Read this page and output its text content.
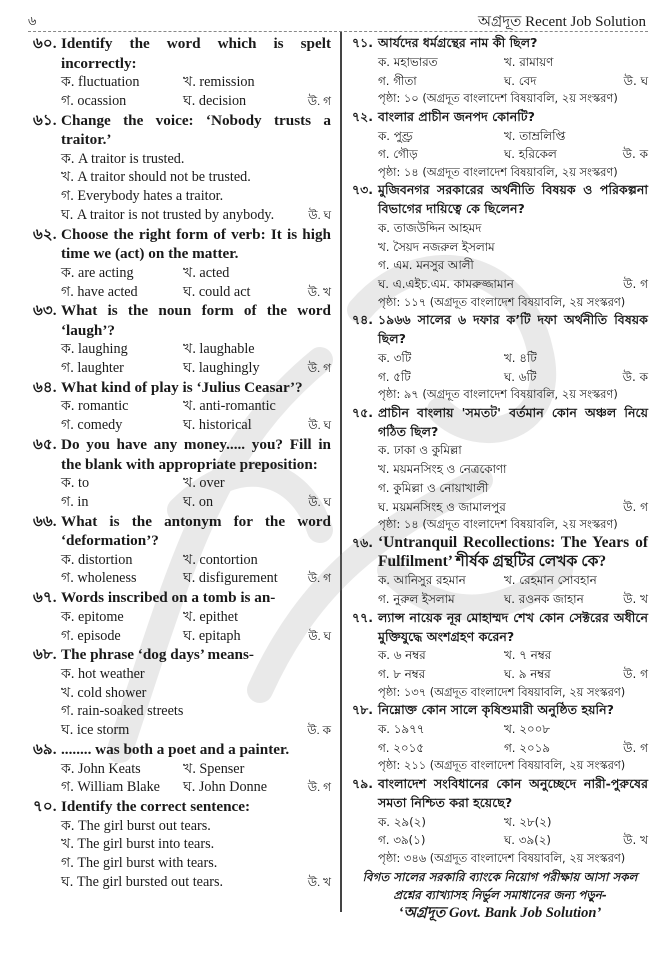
৬	অগ্রদূত Recent Job Solution
৬০. Identify the word which is spelt incorrectly:
ক. fluctuation	খ. remission
গ. ocassion	ঘ. decision	উ. গ
৬১. Change the voice: ‘Nobody trusts a traitor.’
ক. A traitor is trusted.
খ. A traitor should not be trusted.
গ. Everybody hates a traitor.
ঘ. A traitor is not trusted by anybody.	উ. ঘ
৬২. Choose the right form of verb: It is high time we (act) on the matter.
ক. are acting	খ. acted
গ. have acted	ঘ. could act	উ. খ
৬৩. What is the noun form of the word ‘laugh’?
ক. laughing	খ. laughable
গ. laughter	ঘ. laughingly	উ. গ
৬৪. What kind of play is ‘Julius Ceasar’?
ক. romantic	খ. anti-romantic
গ. comedy	ঘ. historical	উ. ঘ
৬৫. Do you have any money..... you? Fill in the blank with appropriate preposition:
ক. to	খ. over
গ. in	ঘ. on	উ. ঘ
৬৬. What is the antonym for the word ‘deformation’?
ক. distortion	খ. contortion
গ. wholeness	ঘ. disfigurement	উ. গ
৬৭. Words inscribed on a tomb is an-
ক. epitome	খ. epithet
গ. episode	ঘ. epitaph	উ. ঘ
৬৮. The phrase ‘dog days’ means-
ক. hot weather
খ. cold shower
গ. rain-soaked streets
ঘ. ice storm	উ. ক
৬৯. ........ was both a poet and a painter.
ক. John Keats	খ. Spenser
গ. William Blake	ঘ. John Donne	উ. গ
৭০. Identify the correct sentence:
ক. The girl burst out tears.
খ. The girl burst into tears.
গ. The girl burst with tears.
ঘ. The girl bursted out tears.	উ. খ
৭১. আর্যদের ধর্মগ্রন্থের নাম কী ছিল?
ক. মহাভারত	খ. রামায়ণ
গ. গীতা	ঘ. বেদ	উ. ঘ
পৃষ্ঠা: ১০ (অগ্রদূত বাংলাদেশ বিষয়াবলি, ২য় সংস্করণ)
৭২. বাংলার প্রাচীন জনপদ কোনটি?
ক. পুণ্ড্র	খ. তাম্রলিপ্তি
গ. গৌড়	ঘ. হরিকেল	উ. ক
পৃষ্ঠা: ১৪ (অগ্রদূত বাংলাদেশ বিষয়াবলি, ২য় সংস্করণ)
৭৩. মুজিবনগর সরকারের অর্থনীতি বিষয়ক ও পরিকল্পনা বিভাগের দায়িত্বে কে ছিলেন?
ক. তাজউদ্দিন আহমদ
খ. সৈয়দ নজরুল ইসলাম
গ. এম. মনসুর আলী
ঘ. এ.এইচ.এম. কামরুজ্জামান	উ. গ
পৃষ্ঠা: ১১৭ (অগ্রদূত বাংলাদেশ বিষয়াবলি, ২য় সংস্করণ)
৭৪. ১৯৬৬ সালের ৬ দফার ক’টি দফা অর্থনীতি বিষয়ক ছিল?
ক. ৩টি	খ. ৪টি
গ. ৫টি	ঘ. ৬টি	উ. ক
পৃষ্ঠা: ৯৭ (অগ্রদূত বাংলাদেশ বিষয়াবলি, ২য় সংস্করণ)
৭৫. প্রাচীন বাংলায় 'সমতট' বর্তমান কোন অঞ্চল নিয়ে গঠিত ছিল?
ক. ঢাকা ও কুমিল্লা
খ. ময়মনসিংহ ও নেত্রকোণা
গ. কুমিল্লা ও নোয়াখালী
ঘ. ময়মনসিংহ ও জামালপুর	উ. গ
পৃষ্ঠা: ১৪ (অগ্রদূত বাংলাদেশ বিষয়াবলি, ২য় সংস্করণ)
৭৬. ‘Untranquil Recollections: The Years of Fulfilment’ শীর্ষক গ্রন্থটির লেখক কে?
ক. আনিসুর রহমান	খ. রেহমান সোবহান
গ. নুরুল ইসলাম	ঘ. রওনক জাহান	উ. খ
৭৭. ল্যান্স নায়েক নূর মোহাম্মদ শেখ কোন সেক্টরের অধীনে মুক্তিযুদ্ধে অংশগ্রহণ করেন?
ক. ৬ নম্বর	খ. ৭ নম্বর
গ. ৮ নম্বর	ঘ. ৯ নম্বর	উ. গ
পৃষ্ঠা: ১৩৭ (অগ্রদূত বাংলাদেশ বিষয়াবলি, ২য় সংস্করণ)
৭৮. নিম্নোক্ত কোন সালে কৃষিশুমারী অনুষ্ঠিত হয়নি?
ক. ১৯৭৭	খ. ২০০৮
গ. ২০১৫	গ. ২০১৯	উ. গ
পৃষ্ঠা: ২১১ (অগ্রদূত বাংলাদেশ বিষয়াবলি, ২য় সংস্করণ)
৭৯. বাংলাদেশ সংবিধানের কোন অনুচ্ছেদে নারী-পুরুষের সমতা নিশ্চিত করা হয়েছে?
ক. ২৯(২)	খ. ২৮(২)
গ. ৩৯(১)	ঘ. ৩৯(২)	উ. খ
পৃষ্ঠা: ৩৪৬ (অগ্রদূত বাংলাদেশ বিষয়াবলি, ২য় সংস্করণ)
বিগত সালের সরকারি ব্যাংকে নিয়োগ পরীক্ষায় আসা সকল
প্রশ্নের ব্যাখ্যাসহ নির্ভুল সমাধানের জন্য পড়ুন-
‘অগ্রদূত Govt. Bank Job Solution’
